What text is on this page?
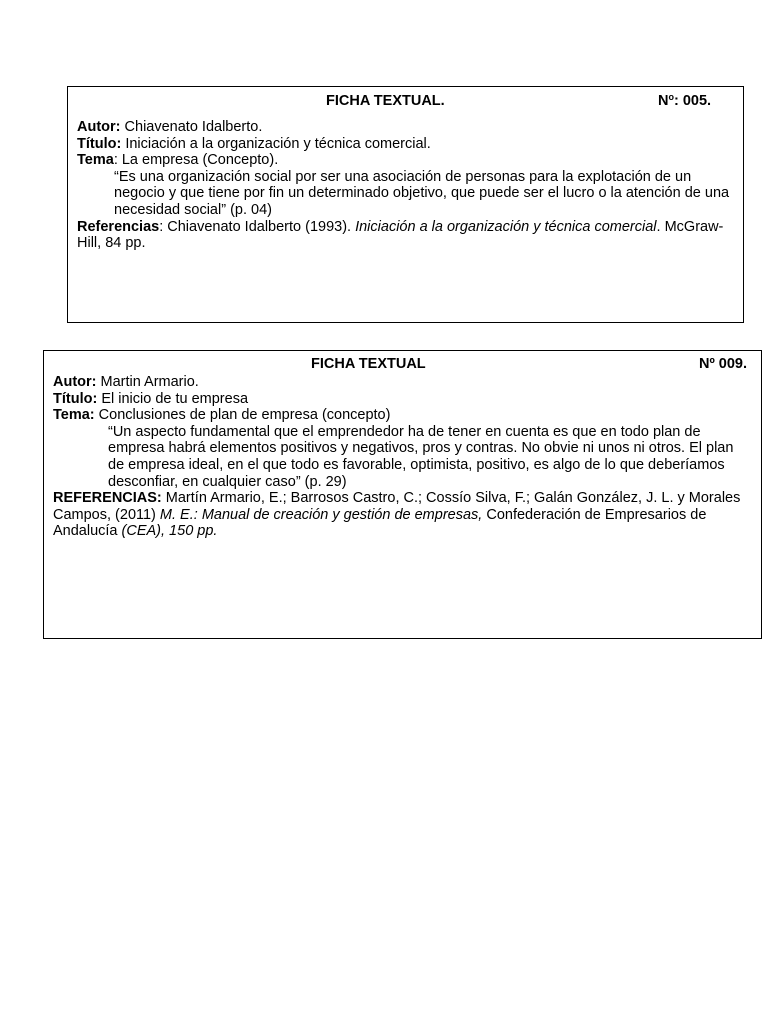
FICHA TEXTUAL.	$N^o$: 005.
Autor: Chiavenato Idalberto.
Título: Iniciación a la organización y técnica comercial.
Tema: La empresa (Concepto).
“Es una organización social por ser una asociación de personas para la explotación de un negocio y que tiene por fin un determinado objetivo, que puede ser el lucro o la atención de una necesidad social” (p. 04)
Referencias: Chiavenato Idalberto (1993). Iniciación a la organización y técnica comercial. McGraw-Hill, 84 pp.
FICHA TEXTUAL	Nº 009.
Autor: Martin Armario.
Título: El inicio de tu empresa
Tema: Conclusiones de plan de empresa (concepto)
“Un aspecto fundamental que el emprendedor ha de tener en cuenta es que en todo plan de empresa habrá elementos positivos y negativos, pros y contras. No obvie ni unos ni otros. El plan de empresa ideal, en el que todo es favorable, optimista, positivo, es algo de lo que deberíamos desconfiar, en cualquier caso” (p. 29)
REFERENCIAS: Martín Armario, E.; Barrosos Castro, C.; Cossío Silva, F.; Galán González, J. L. y Morales Campos, (2011) M. E.: Manual de creación y gestión de empresas, Confederación de Empresarios de Andalucía (CEA), 150 pp.
